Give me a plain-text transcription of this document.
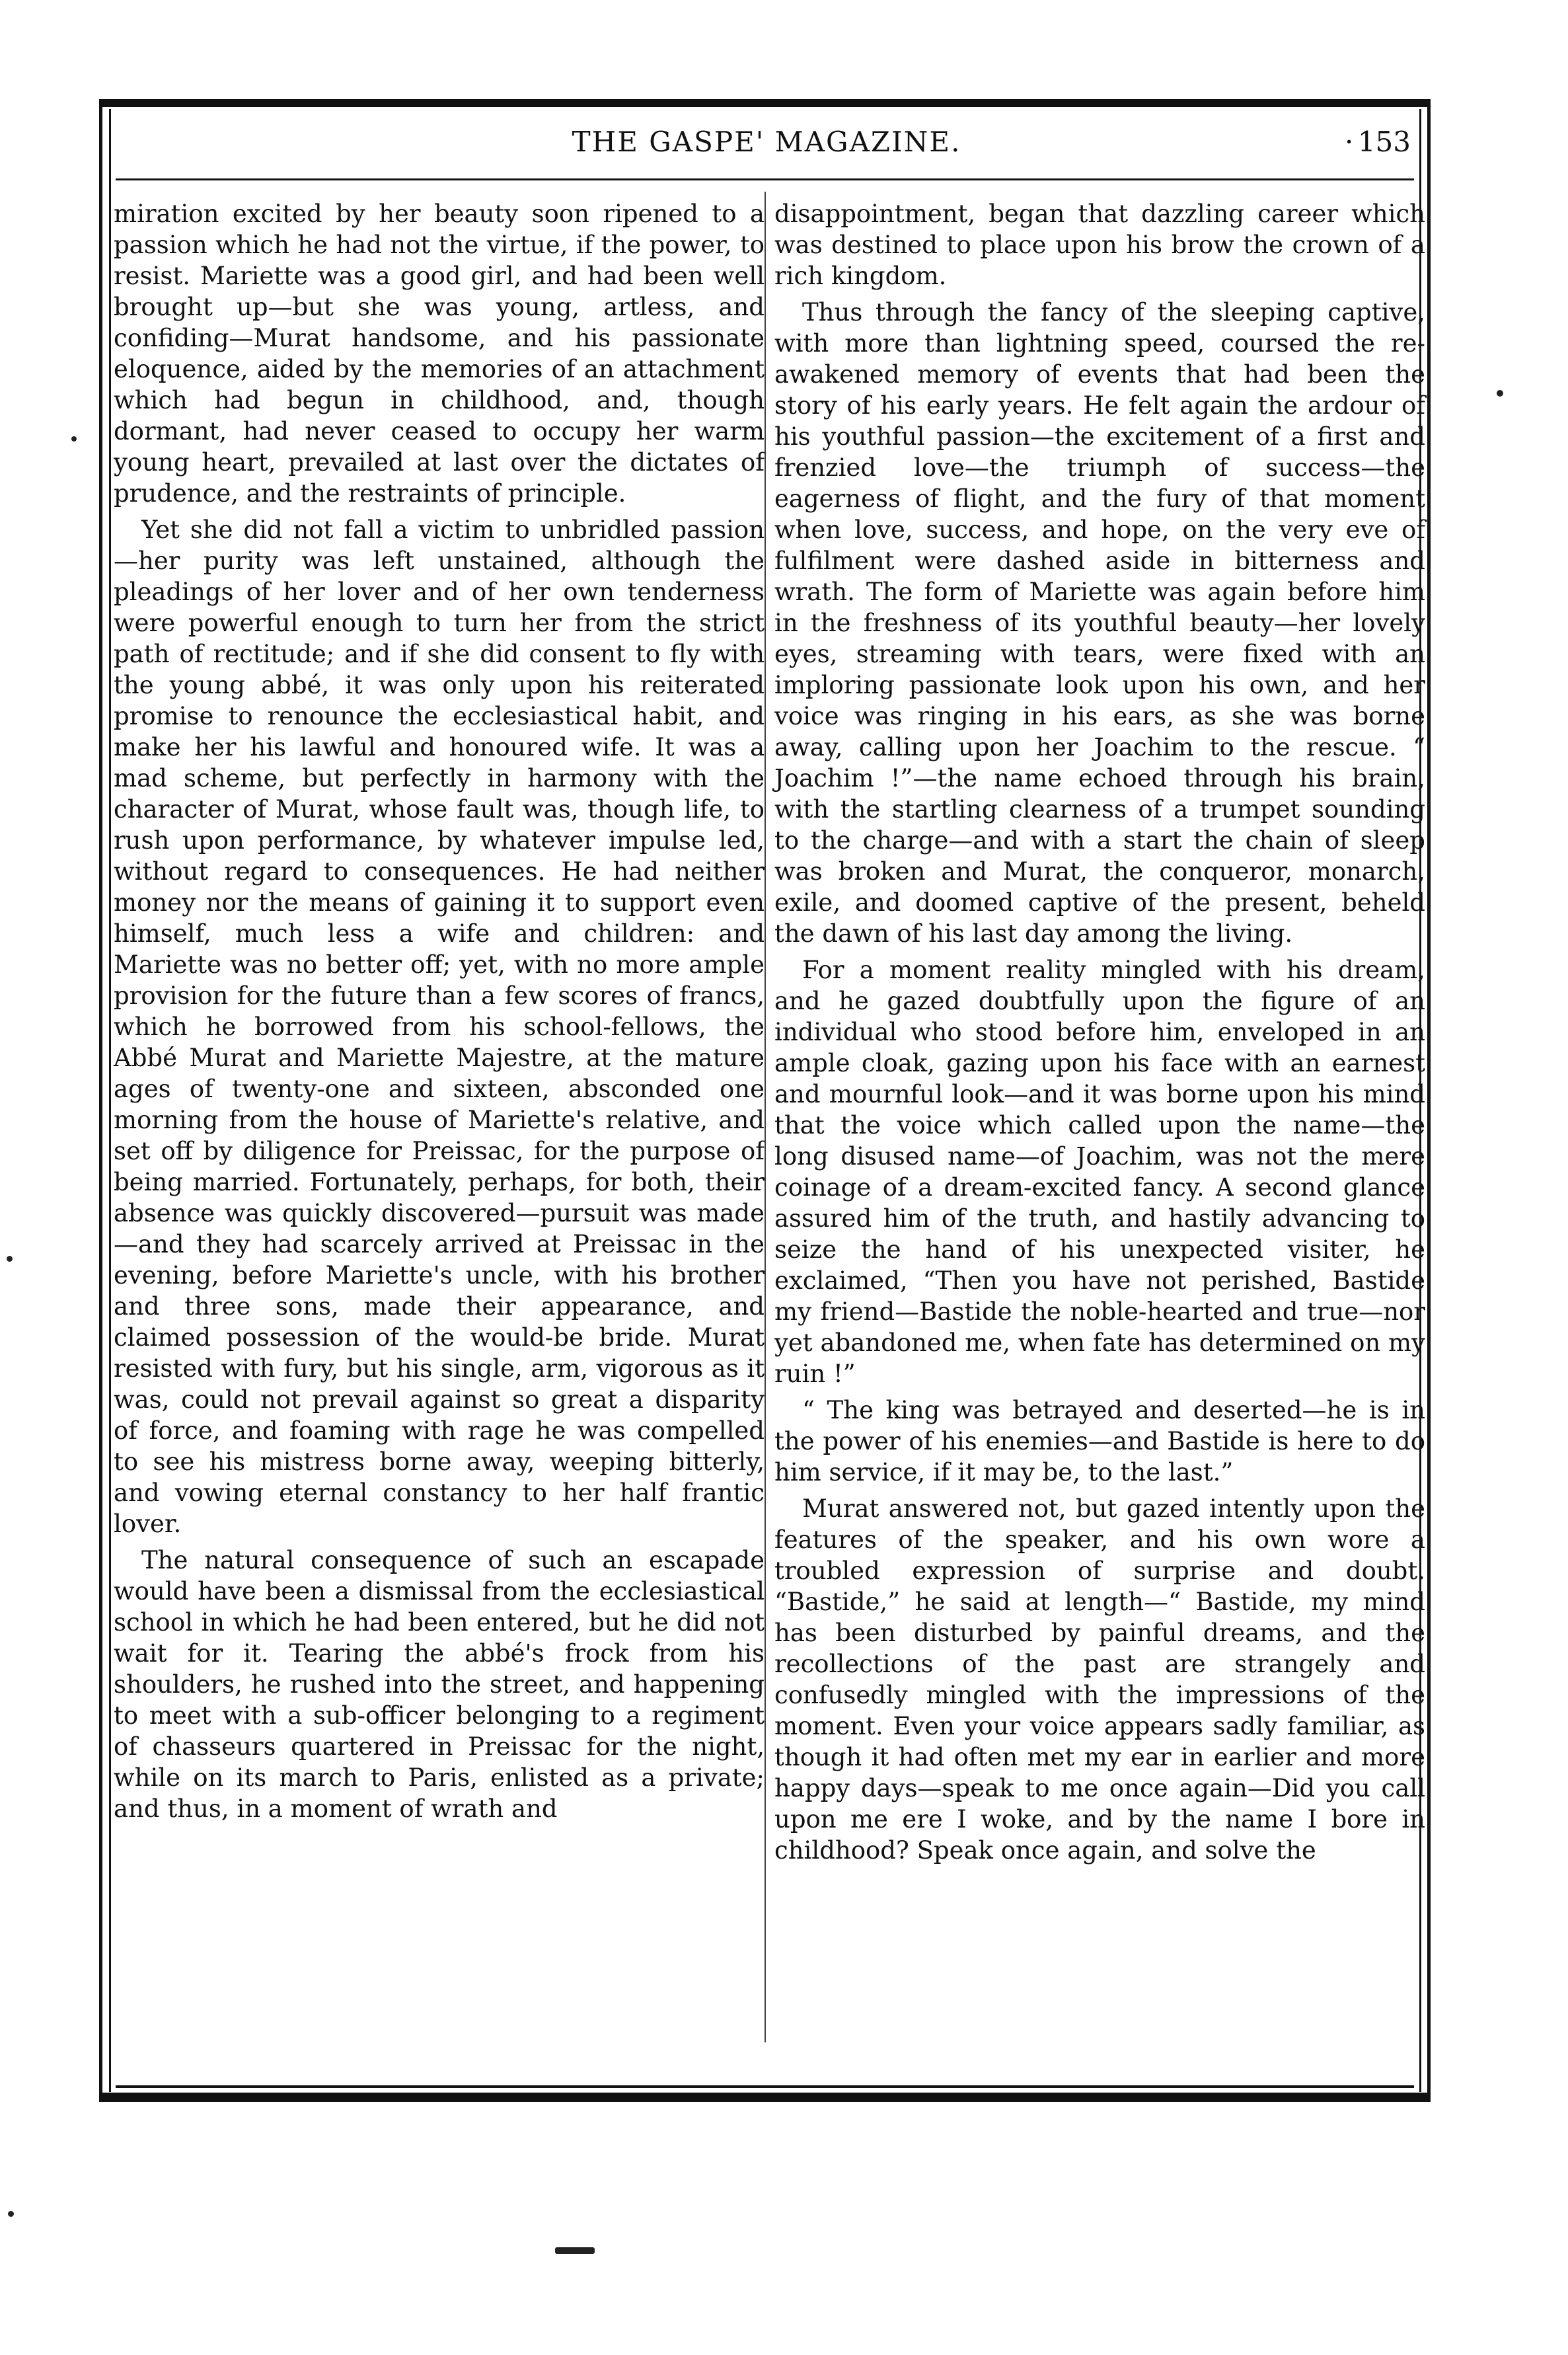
THE GASPE' MAGAZINE.	· 153

miration excited by her beauty soon ripened to a passion which he had not the virtue, if the power, to resist. Mariette was a good girl, and had been well brought up—but she was young, artless, and confiding—Murat handsome, and his passionate eloquence, aided by the memories of an attachment which had begun in childhood, and, though dormant, had never ceased to occupy her warm young heart, prevailed at last over the dictates of prudence, and the restraints of principle.

Yet she did not fall a victim to unbridled passion—her purity was left unstained, although the pleadings of her lover and of her own tenderness were powerful enough to turn her from the strict path of rectitude; and if she did consent to fly with the young abbé, it was only upon his reiterated promise to renounce the ecclesiastical habit, and make her his lawful and honoured wife. It was a mad scheme, but perfectly in harmony with the character of Murat, whose fault was, though life, to rush upon performance, by whatever impulse led, without regard to consequences. He had neither money nor the means of gaining it to support even himself, much less a wife and children: and Mariette was no better off; yet, with no more ample provision for the future than a few scores of francs, which he borrowed from his school-fellows, the Abbé Murat and Mariette Majestre, at the mature ages of twenty-one and sixteen, absconded one morning from the house of Mariette's relative, and set off by diligence for Preissac, for the purpose of being married. Fortunately, perhaps, for both, their absence was quickly discovered—pursuit was made—and they had scarcely arrived at Preissac in the evening, before Mariette's uncle, with his brother and three sons, made their appearance, and claimed possession of the would-be bride. Murat resisted with fury, but his single, arm, vigorous as it was, could not prevail against so great a disparity of force, and foaming with rage he was compelled to see his mistress borne away, weeping bitterly, and vowing eternal constancy to her half frantic lover.

The natural consequence of such an escapade would have been a dismissal from the ecclesiastical school in which he had been entered, but he did not wait for it. Tearing the abbé's frock from his shoulders, he rushed into the street, and happening to meet with a sub-officer belonging to a regiment of chasseurs quartered in Preissac for the night, while on its march to Paris, enlisted as a private; and thus, in a moment of wrath and

disappointment, began that dazzling career which was destined to place upon his brow the crown of a rich kingdom.

Thus through the fancy of the sleeping captive, with more than lightning speed, coursed the re-awakened memory of events that had been the story of his early years. He felt again the ardour of his youthful passion—the excitement of a first and frenzied love—the triumph of success—the eagerness of flight, and the fury of that moment when love, success, and hope, on the very eve of fulfilment were dashed aside in bitterness and wrath. The form of Mariette was again before him in the freshness of its youthful beauty—her lovely eyes, streaming with tears, were fixed with an imploring passionate look upon his own, and her voice was ringing in his ears, as she was borne away, calling upon her Joachim to the rescue. “ Joachim !”—the name echoed through his brain, with the startling clearness of a trumpet sounding to the charge—and with a start the chain of sleep was broken and Murat, the conqueror, monarch, exile, and doomed captive of the present, beheld the dawn of his last day among the living.

For a moment reality mingled with his dream, and he gazed doubtfully upon the figure of an individual who stood before him, enveloped in an ample cloak, gazing upon his face with an earnest and mournful look—and it was borne upon his mind that the voice which called upon the name—the long disused name—of Joachim, was not the mere coinage of a dream-excited fancy. A second glance assured him of the truth, and hastily advancing to seize the hand of his unexpected visiter, he exclaimed, “Then you have not perished, Bastide my friend—Bastide the noble-hearted and true—nor yet abandoned me, when fate has determined on my ruin !”

“ The king was betrayed and deserted—he is in the power of his enemies—and Bastide is here to do him service, if it may be, to the last.”

Murat answered not, but gazed intently upon the features of the speaker, and his own wore a troubled expression of surprise and doubt. “Bastide,” he said at length—“ Bastide, my mind has been disturbed by painful dreams, and the recollections of the past are strangely and confusedly mingled with the impressions of the moment. Even your voice appears sadly familiar, as though it had often met my ear in earlier and more happy days—speak to me once again—Did you call upon me ere I woke, and by the name I bore in childhood? Speak once again, and solve the
